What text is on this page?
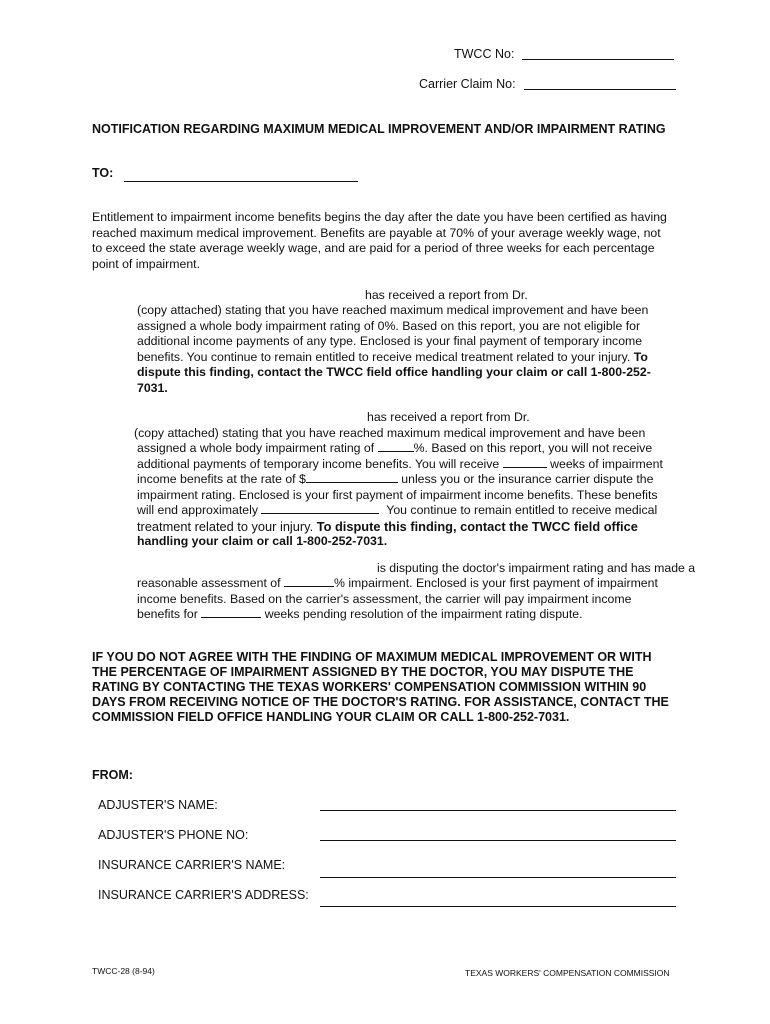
TWCC No:
Carrier Claim No:
NOTIFICATION REGARDING MAXIMUM MEDICAL IMPROVEMENT AND/OR IMPAIRMENT RATING
TO:
Entitlement to impairment income benefits begins the day after the date you have been certified as having
reached maximum medical improvement. Benefits are payable at 70% of your average weekly wage, not
to exceed the state average weekly wage, and are paid for a period of three weeks for each percentage
point of impairment.
has received a report from Dr.
(copy attached) stating that you have reached maximum medical improvement and have been
assigned a whole body impairment rating of 0%. Based on this report, you are not eligible for
additional income payments of any type. Enclosed is your final payment of temporary income
benefits. You continue to remain entitled to receive medical treatment related to your injury. To
dispute this finding, contact the TWCC field office handling your claim or call 1-800-252-
7031.
has received a report from Dr.
(copy attached) stating that you have reached maximum medical improvement and have been
assigned a whole body impairment rating of	%. Based on this report, you will not receive
additional payments of temporary income benefits. You will receive	weeks of impairment
income benefits at the rate of $	unless you or the insurance carrier dispute the
impairment rating. Enclosed is your first payment of impairment income benefits. These benefits
will end approximately	You continue to remain entitled to receive medical
treatment related to your injury. To dispute this finding, contact the TWCC field office
handling your claim or call 1-800-252-7031.
is disputing the doctor's impairment rating and has made a
reasonable assessment of	% impairment. Enclosed is your first payment of impairment
income benefits. Based on the carrier's assessment, the carrier will pay impairment income
benefits for	weeks pending resolution of the impairment rating dispute.
IF YOU DO NOT AGREE WITH THE FINDING OF MAXIMUM MEDICAL IMPROVEMENT OR WITH
THE PERCENTAGE OF IMPAIRMENT ASSIGNED BY THE DOCTOR, YOU MAY DISPUTE THE
RATING BY CONTACTING THE TEXAS WORKERS' COMPENSATION COMMISSION WITHIN 90
DAYS FROM RECEIVING NOTICE OF THE DOCTOR'S RATING. FOR ASSISTANCE, CONTACT THE
COMMISSION FIELD OFFICE HANDLING YOUR CLAIM OR CALL 1-800-252-7031.
FROM:
ADJUSTER'S NAME:
ADJUSTER'S PHONE NO:
INSURANCE CARRIER'S NAME:
INSURANCE CARRIER'S ADDRESS:
TWCC-28 (8-94)	TEXAS WORKERS' COMPENSATION COMMISSION
